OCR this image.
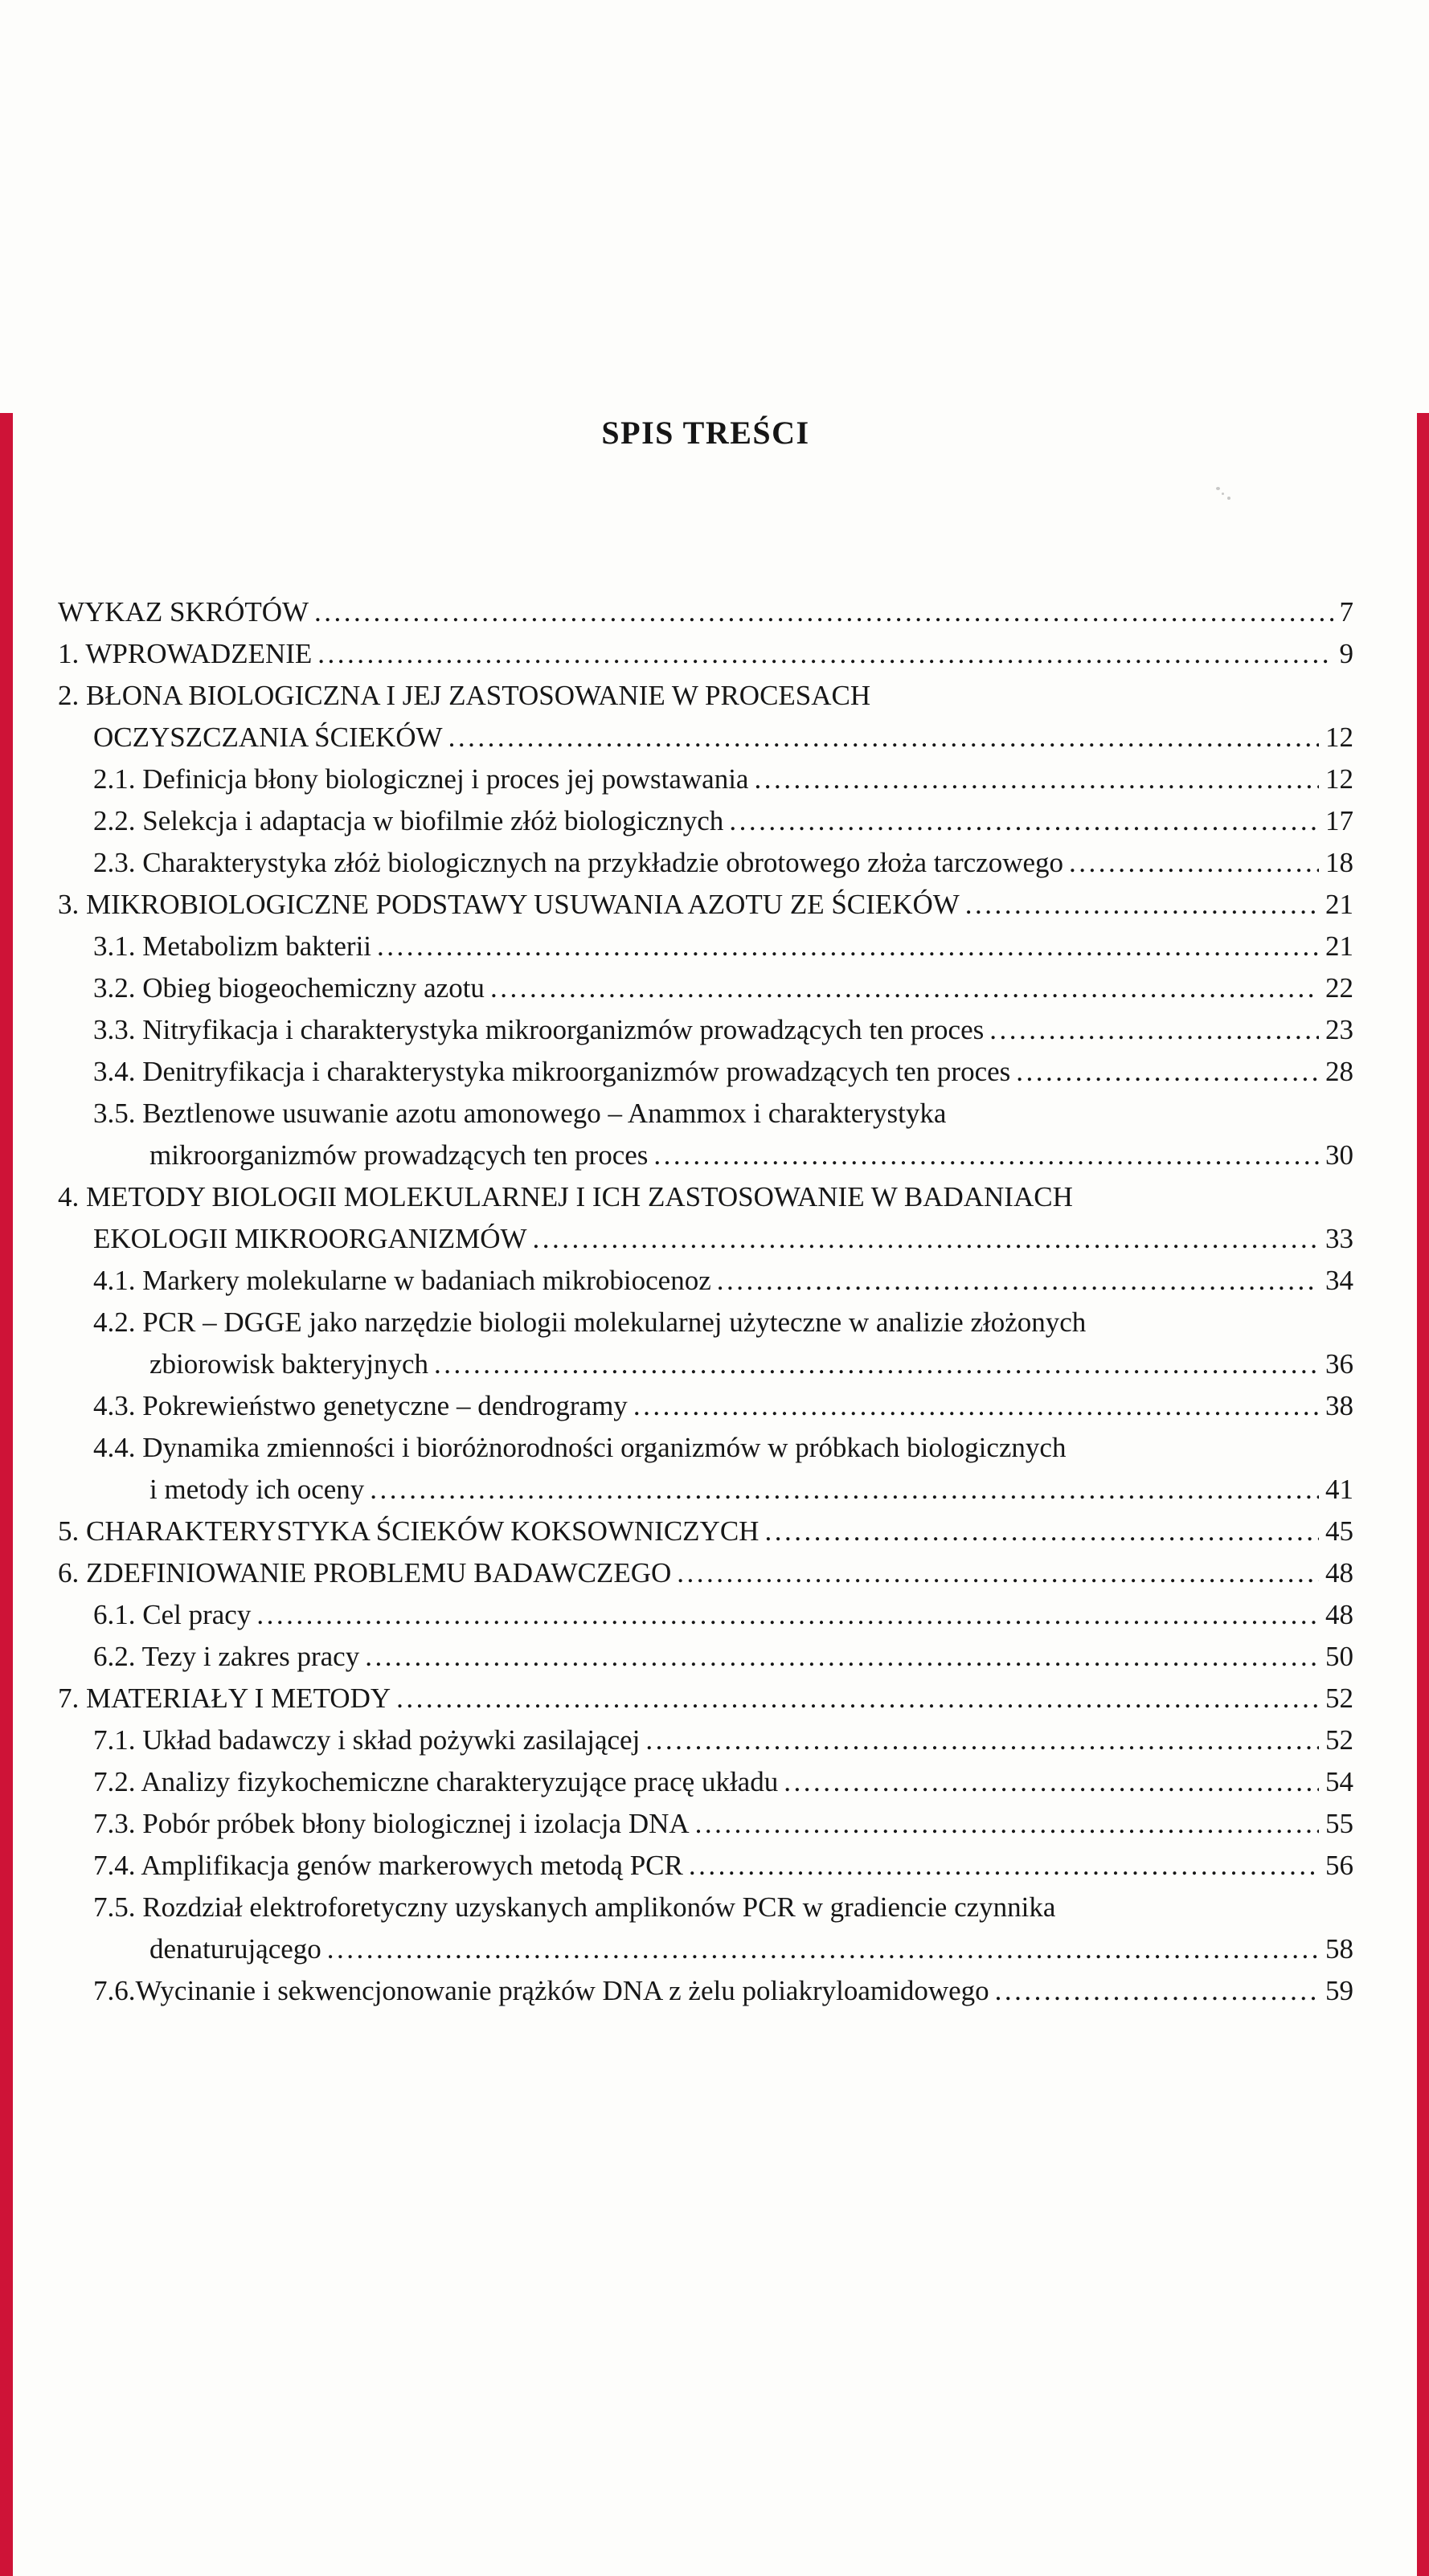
SPIS TREŚCI
WYKAZ SKRÓTÓW .....	7
1. WPROWADZENIE .....	9
2. BŁONA BIOLOGICZNA I JEJ ZASTOSOWANIE W PROCESACH
OCZYSZCZANIA ŚCIEKÓW .....	12
2.1. Definicja błony biologicznej i proces jej powstawania .....	12
2.2. Selekcja i adaptacja w biofilmie złóż biologicznych .....	17
2.3. Charakterystyka złóż biologicznych na przykładzie obrotowego złoża tarczowego .....	18
3. MIKROBIOLOGICZNE PODSTAWY USUWANIA AZOTU ZE ŚCIEKÓW .....	21
3.1. Metabolizm bakterii .....	21
3.2. Obieg biogeochemiczny azotu .....	22
3.3. Nitryfikacja i charakterystyka mikroorganizmów prowadzących ten proces .....	23
3.4. Denitryfikacja i charakterystyka mikroorganizmów prowadzących ten proces .....	28
3.5. Beztlenowe usuwanie azotu amonowego – Anammox i charakterystyka
mikroorganizmów prowadzących ten proces .....	30
4. METODY BIOLOGII MOLEKULARNEJ I ICH ZASTOSOWANIE W BADANIACH
EKOLOGII MIKROORGANIZMÓW .....	33
4.1. Markery molekularne w badaniach mikrobiocenoz .....	34
4.2. PCR – DGGE jako narzędzie biologii molekularnej użyteczne w analizie złożonych
zbiorowisk bakteryjnych .....	36
4.3. Pokrewieństwo genetyczne – dendrogramy .....	38
4.4. Dynamika zmienności i bioróżnorodności organizmów w próbkach biologicznych
i metody ich oceny .....	41
5. CHARAKTERYSTYKA ŚCIEKÓW KOKSOWNICZYCH .....	45
6. ZDEFINIOWANIE PROBLEMU BADAWCZEGO .....	48
6.1. Cel pracy .....	48
6.2. Tezy i zakres pracy .....	50
7. MATERIAŁY I METODY .....	52
7.1. Układ badawczy i skład pożywki zasilającej .....	52
7.2. Analizy fizykochemiczne charakteryzujące pracę układu .....	54
7.3. Pobór próbek błony biologicznej i izolacja DNA .....	55
7.4. Amplifikacja genów markerowych metodą PCR .....	56
7.5. Rozdział elektroforetyczny uzyskanych amplikonów PCR w gradiencie czynnika
denaturującego .....	58
7.6.Wycinanie i sekwencjonowanie prążków DNA z żelu poliakryloamidowego .....	59
